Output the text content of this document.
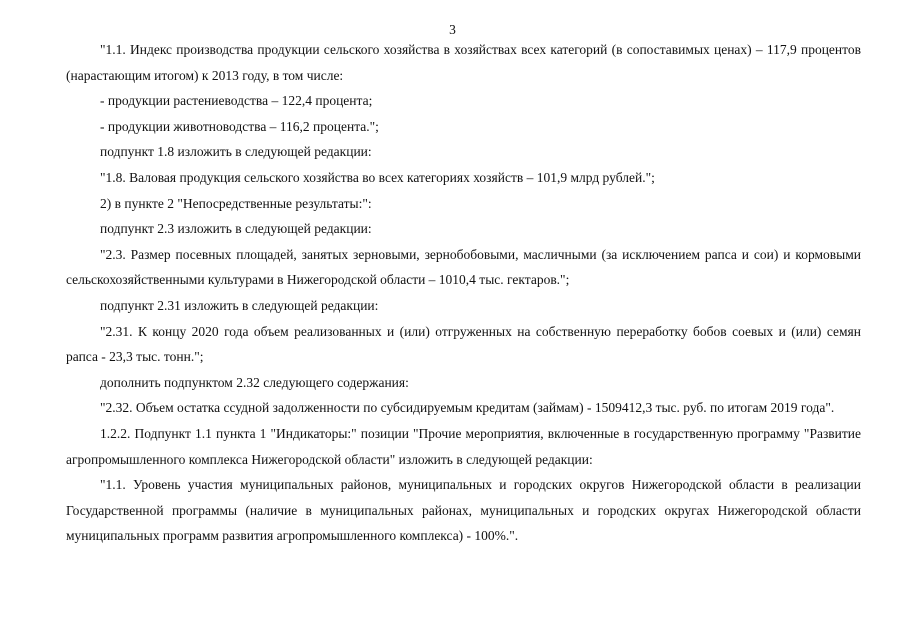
3

"1.1. Индекс производства продукции сельского хозяйства в хозяйствах всех категорий (в сопоставимых ценах) – 117,9 процентов (нарастающим итогом) к 2013 году, в том числе:

- продукции растениеводства – 122,4 процента;

- продукции животноводства – 116,2 процента.";

подпункт 1.8 изложить в следующей редакции:

"1.8. Валовая продукция сельского хозяйства во всех категориях хозяйств – 101,9 млрд рублей.";

2) в пункте 2 "Непосредственные результаты:":

подпункт 2.3 изложить в следующей редакции:

"2.3. Размер посевных площадей, занятых зерновыми, зернобобовыми, масличными (за исключением рапса и сои) и кормовыми сельскохозяйственными культурами в Нижегородской области – 1010,4 тыс. гектаров.";

подпункт 2.31 изложить в следующей редакции:

"2.31. К концу 2020 года объем реализованных и (или) отгруженных на собственную переработку бобов соевых и (или) семян рапса - 23,3 тыс. тонн.";

дополнить подпунктом 2.32 следующего содержания:

"2.32. Объем остатка ссудной задолженности по субсидируемым кредитам (займам) - 1509412,3 тыс. руб. по итогам 2019 года".

1.2.2. Подпункт 1.1 пункта 1 "Индикаторы:" позиции "Прочие мероприятия, включенные в государственную программу "Развитие агропромышленного комплекса Нижегородской области" изложить в следующей редакции:

"1.1. Уровень участия муниципальных районов, муниципальных и городских округов Нижегородской области в реализации Государственной программы (наличие в муниципальных районах, муниципальных и городских округах Нижегородской области муниципальных программ развития агропромышленного комплекса) - 100%.".
